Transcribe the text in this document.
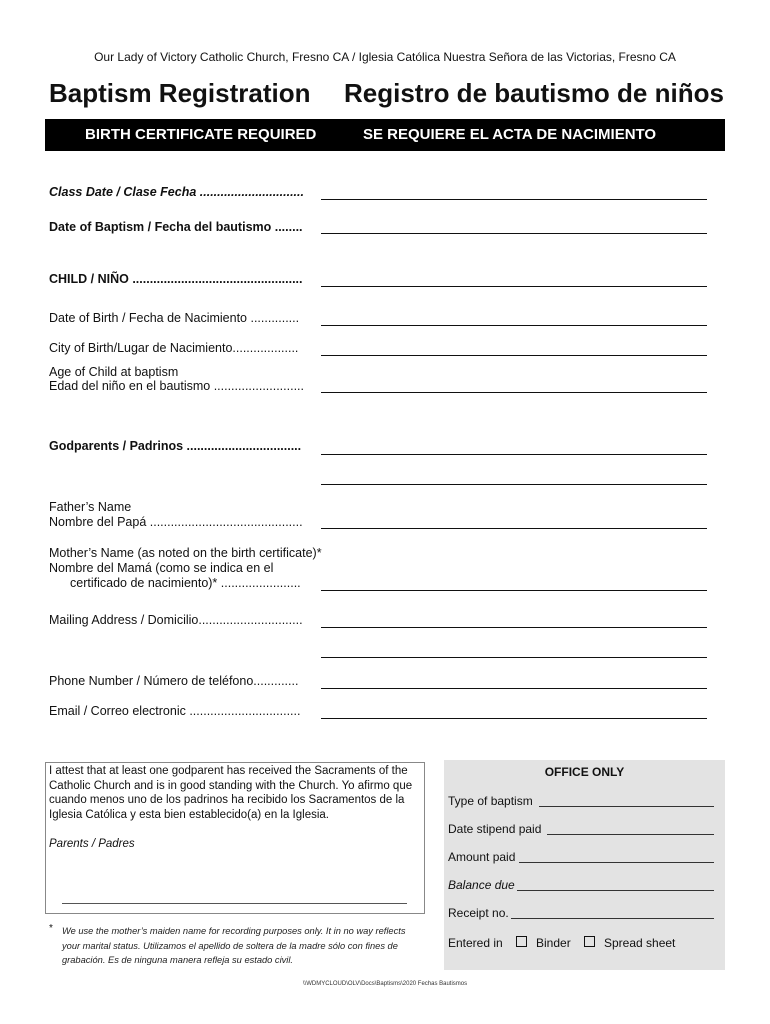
Our Lady of Victory Catholic Church, Fresno CA / Iglesia Católica Nuestra Señora de las Victorias, Fresno CA
Baptism Registration Registro de bautismo de niños
BIRTH CERTIFICATE REQUIRED	SE REQUIERE EL ACTA DE NACIMIENTO
Class Date / Clase Fecha ..............................
Date of Baptism / Fecha del bautismo ........
CHILD / NIÑO .................................................
Date of Birth / Fecha de Nacimiento ..............
City of Birth/Lugar de Nacimiento...................
Age of Child at baptism
Edad del niño en el bautismo ..........................
Godparents / Padrinos .................................
Father’s Name
Nombre del Papá ............................................
Mother’s Name (as noted on the birth certificate)*
Nombre del Mamá (como se indica en el
certificado de nacimiento)* .......................
Mailing Address / Domicilio..............................
Phone Number / Número de teléfono.............
Email / Correo electronic ................................
I attest that at least one godparent has received the Sacraments of the Catholic Church and is in good standing with the Church. Yo afirmo que cuando menos uno de los padrinos ha recibido los Sacramentos de la Iglesia Católica y esta bien establecido(a) en la Iglesia.
Parents / Padres
* We use the mother’s maiden name for recording purposes only. It in no way reflects your marital status. Utilizamos el apellido de soltera de la madre sólo con fines de grabación. Es de ninguna manera refleja su estado civil.
OFFICE ONLY
Type of baptism
Date stipend paid
Amount paid
Balance due
Receipt no.
Entered in	Binder	Spread sheet
\\WDMYCLOUD\OLV\Docs\Baptisms\2020 Fechas Bautismos
